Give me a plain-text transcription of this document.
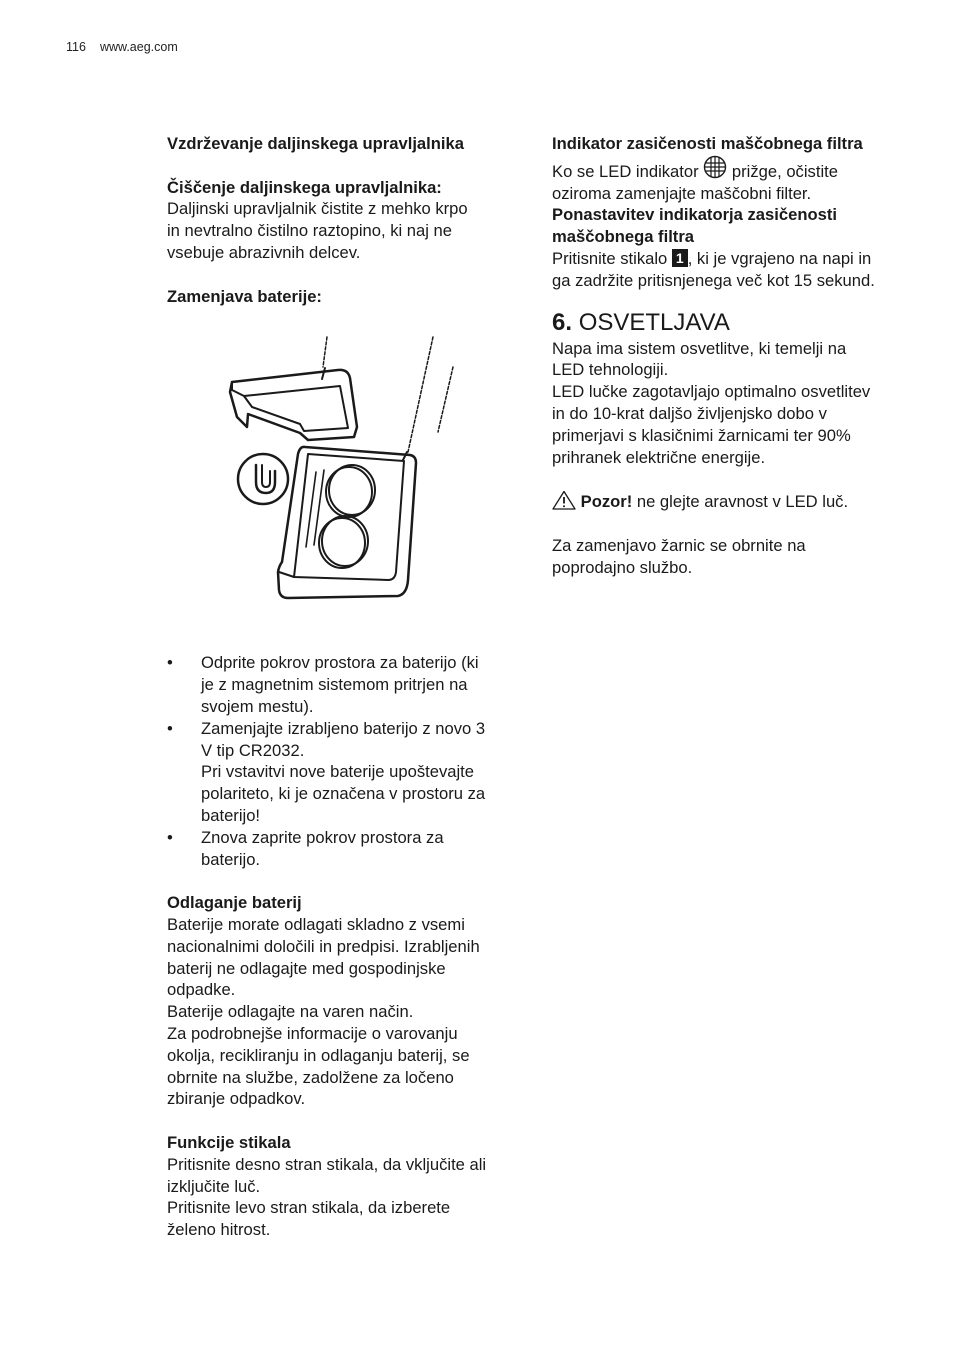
116 www.aeg.com

Vzdrževanje daljinskega upravljalnika

Čiščenje daljinskega upravljalnika:

Daljinski upravljalnik čistite z mehko krpo

in nevtralno čistilno raztopino, ki naj ne

vsebuje abrazivnih delcev.

Zamenjava baterije:

• Odprite pokrov prostora za baterijo (ki
je z magnetnim sistemom pritrjen na
svojem mestu).
• Zamenjajte izrabljeno baterijo z novo 3
V tip CR2032.
Pri vstavitvi nove baterije upoštevajte
polariteto, ki je označena v prostoru za
baterijo!
• Znova zaprite pokrov prostora za
baterijo.

Odlaganje baterij

Baterije morate odlagati skladno z vsemi

nacionalnimi določili in predpisi. Izrabljenih

baterij ne odlagajte med gospodinjske

odpadke.

Baterije odlagajte na varen način.

Za podrobnejše informacije o varovanju

okolja, recikliranju in odlaganju baterij, se

obrnite na službe, zadolžene za ločeno

zbiranje odpadkov.

Funkcije stikala

Pritisnite desno stran stikala, da vključite ali

izključite luč.

Pritisnite levo stran stikala, da izberete

želeno hitrost.

Indikator zasičenosti maščobnega filtra

Ko se LED indikator prižge, očistite

oziroma zamenjajte maščobni filter.

Ponastavitev indikatorja zasičenosti

maščobnega filtra

Pritisnite stikalo 1 , ki je vgrajeno na napi in

ga zadržite pritisnjenega več kot 15 sekund.

6. OSVETLJAVA

Napa ima sistem osvetlitve, ki temelji na

LED tehnologiji.

LED lučke zagotavljajo optimalno osvetlitev

in do 10-krat daljšo življenjsko dobo v

primerjavi s klasičnimi žarnicami ter 90%

prihranek električne energije.

Pozor! ne glejte aravnost v LED luč.

Za zamenjavo žarnic se obrnite na

poprodajno službo.
